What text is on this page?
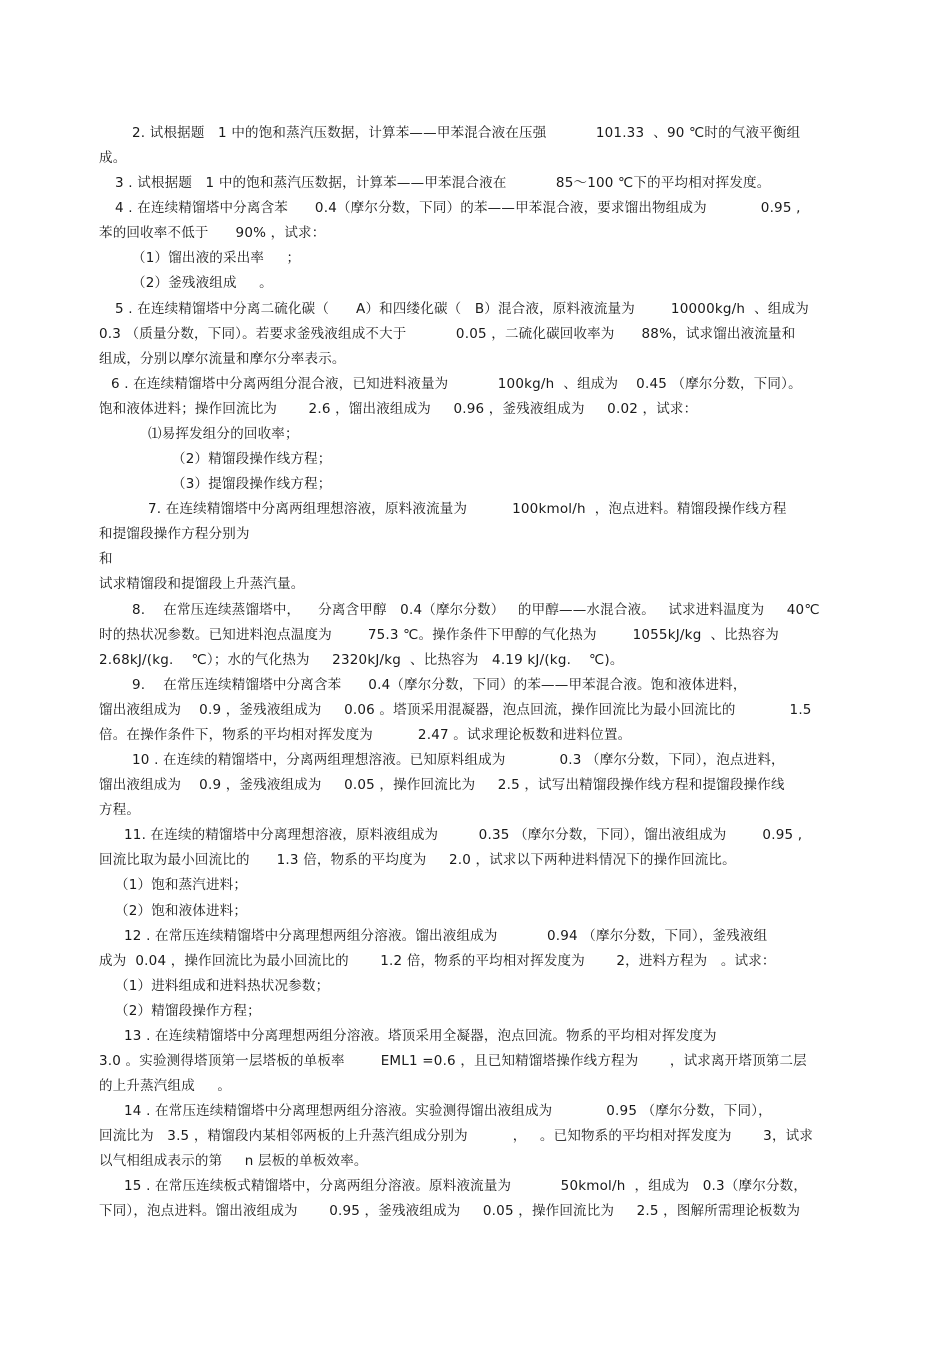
2. 试根据题   1 中的饱和蒸汽压数据，计算苯——甲苯混合液在压强           101.33  、90 ℃时的气液平衡组
成。
3 . 试根据题   1 中的饱和蒸汽压数据，计算苯——甲苯混合液在           85～100 ℃下的平均相对挥发度。
4 . 在连续精馏塔中分离含苯      0.4（摩尔分数，下同）的苯——甲苯混合液，要求馏出物组成为            0.95 ,
苯的回收率不低于      90% ，试求：
（1）馏出液的采出率     ；
（2）釜残液组成     。
5 . 在连续精馏塔中分离二硫化碳（      A）和四缕化碳（   B）混合液，原料液流量为        10000kg/h  、组成为
0.3 （质量分数，下同）。若要求釜残液组成不大于           0.05 ，二硫化碳回收率为      88%，试求馏出液流量和
组成，分别以摩尔流量和摩尔分率表示。
6 . 在连续精馏塔中分离两组分混合液，已知进料液量为           100kg/h  、组成为    0.45 （摩尔分数，下同）。
饱和液体进料；操作回流比为       2.6 ，馏出液组成为     0.96 ，釜残液组成为     0.02 ，试求：
⑴易挥发组分的回收率；
（2）精馏段操作线方程；
（3）提馏段操作线方程；
7. 在连续精馏塔中分离两组理想溶液，原料液流量为          100kmol/h  ，泡点进料。精馏段操作线方程
和提馏段操作方程分别为
和
试求精馏段和提馏段上升蒸汽量。
8.    在常压连续蒸馏塔中，    分离含甲醇   0.4（摩尔分数）   的甲醇——水混合液。   试求进料温度为     40℃
时的热状况参数。已知进料泡点温度为        75.3 ℃。操作条件下甲醇的气化热为        1055kJ/kg  、比热容为
2.68kJ/(kg.    ℃）；水的气化热为     2320kJ/kg  、比热容为   4.19 kJ/(kg.    ℃)。
9.    在常压连续精馏塔中分离含苯      0.4（摩尔分数，下同）的苯——甲苯混合液。饱和液体进料，
馏出液组成为    0.9 ，釜残液组成为     0.06 。塔顶采用混凝器，泡点回流，操作回流比为最小回流比的            1.5
倍。在操作条件下，物系的平均相对挥发度为          2.47 。试求理论板数和进料位置。
10 . 在连续的精馏塔中，分离两组理想溶液。已知原料组成为            0.3 （摩尔分数，下同），泡点进料，
馏出液组成为    0.9 ，釜残液组成为     0.05 ，操作回流比为     2.5 ，试写出精馏段操作线方程和提馏段操作线
方程。
11. 在连续的精馏塔中分离理想溶液，原料液组成为         0.35 （摩尔分数，下同），馏出液组成为        0.95 ,
回流比取为最小回流比的      1.3 倍，物系的平均度为     2.0 ，试求以下两种进料情况下的操作回流比。
（1）饱和蒸汽进料；
（2）饱和液体进料；
12 . 在常压连续精馏塔中分离理想两组分溶液。馏出液组成为           0.94 （摩尔分数，下同），釜残液组
成为  0.04 ，操作回流比为最小回流比的       1.2 倍，物系的平均相对挥发度为       2，进料方程为   。试求：
（1）进料组成和进料热状况参数；
（2）精馏段操作方程；
13 . 在连续精馏塔中分离理想两组分溶液。塔顶采用全凝器，泡点回流。物系的平均相对挥发度为
3.0 。实验测得塔顶第一层塔板的单板率        EML1 =0.6 ，且已知精馏塔操作线方程为       ，试求离开塔顶第二层
的上升蒸汽组成     。
14 . 在常压连续精馏塔中分离理想两组分溶液。实验测得馏出液组成为            0.95 （摩尔分数，下同），
回流比为   3.5 ，精馏段内某相邻两板的上升蒸汽组成分别为          ，   。已知物系的平均相对挥发度为       3，试求
以气相组成表示的第     n 层板的单板效率。
15 . 在常压连续板式精馏塔中，分离两组分溶液。原料液流量为           50kmol/h  ，组成为   0.3（摩尔分数，
下同），泡点进料。馏出液组成为       0.95 ，釜残液组成为     0.05 ，操作回流比为     2.5 ，图解所需理论板数为
